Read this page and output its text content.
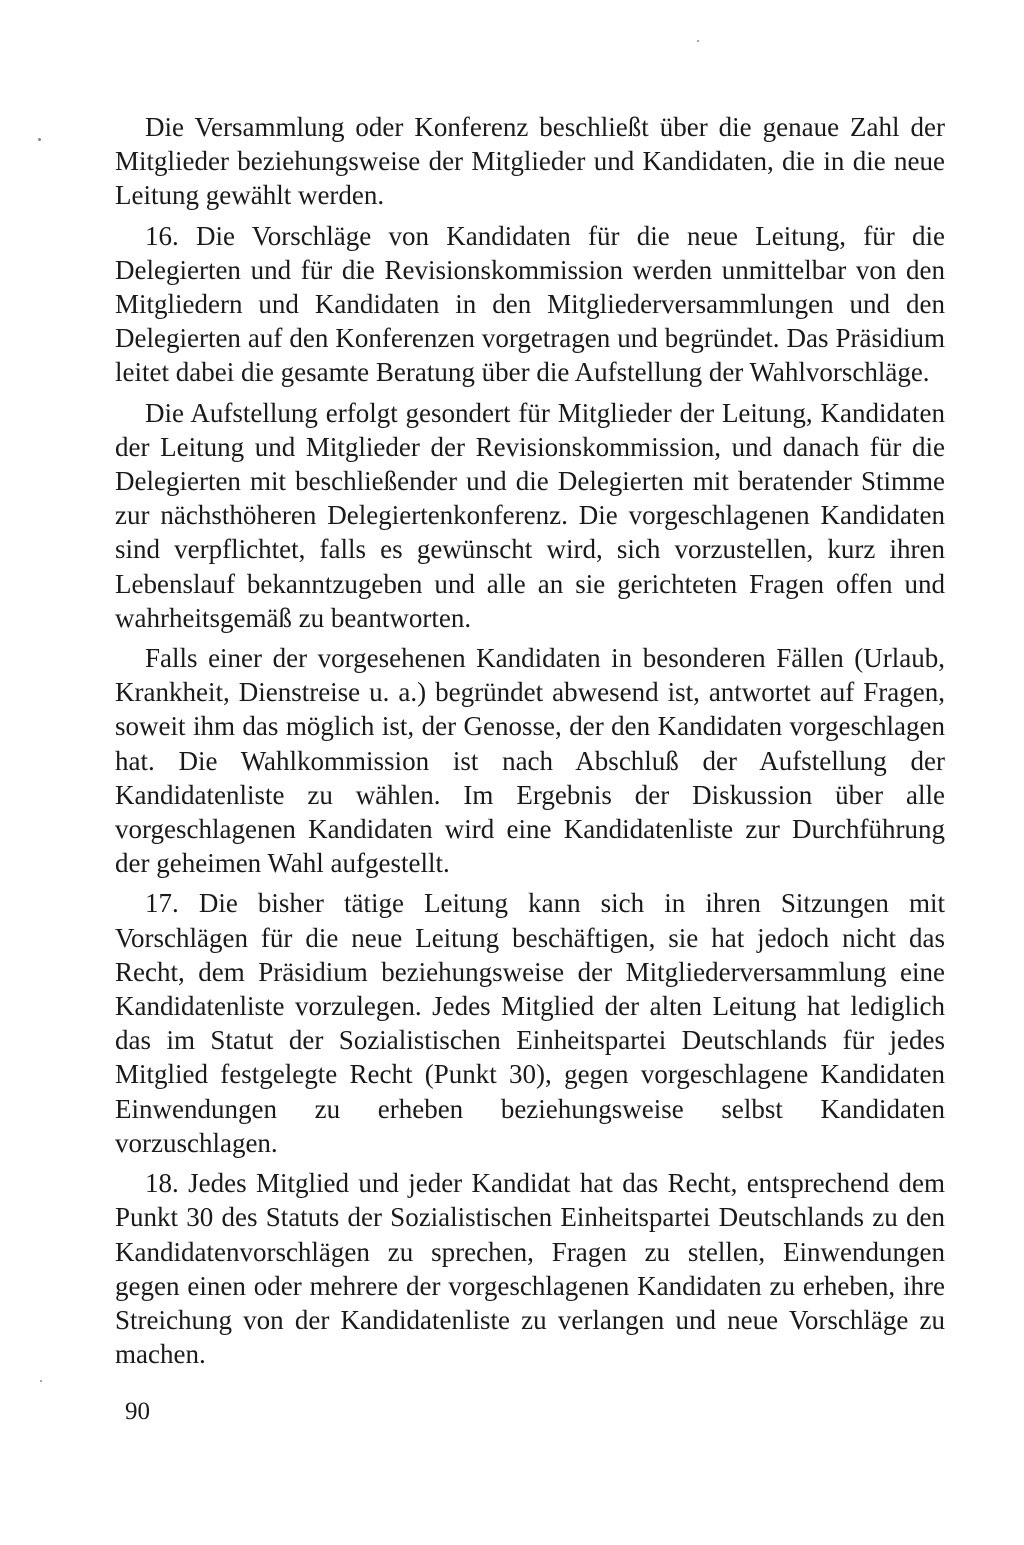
Die Versammlung oder Konferenz beschließt über die genaue Zahl der Mitglieder beziehungsweise der Mitglieder und Kandidaten, die in die neue Leitung gewählt werden.

16. Die Vorschläge von Kandidaten für die neue Leitung, für die Delegierten und für die Revisionskommission werden unmittelbar von den Mitgliedern und Kandidaten in den Mitgliederversammlungen und den Delegierten auf den Konferenzen vorgetragen und begründet. Das Präsidium leitet dabei die gesamte Beratung über die Aufstellung der Wahlvorschläge.

Die Aufstellung erfolgt gesondert für Mitglieder der Leitung, Kandidaten der Leitung und Mitglieder der Revisionskommission, und danach für die Delegierten mit beschließender und die Delegierten mit beratender Stimme zur nächsthöheren Delegiertenkonferenz. Die vorgeschlagenen Kandidaten sind verpflichtet, falls es gewünscht wird, sich vorzustellen, kurz ihren Lebenslauf bekanntzugeben und alle an sie gerichteten Fragen offen und wahrheitsgemäß zu beantworten.

Falls einer der vorgesehenen Kandidaten in besonderen Fällen (Urlaub, Krankheit, Dienstreise u. a.) begründet abwesend ist, antwortet auf Fragen, soweit ihm das möglich ist, der Genosse, der den Kandidaten vorgeschlagen hat. Die Wahlkommission ist nach Abschluß der Aufstellung der Kandidatenliste zu wählen. Im Ergebnis der Diskussion über alle vorgeschlagenen Kandidaten wird eine Kandidatenliste zur Durchführung der geheimen Wahl aufgestellt.

17. Die bisher tätige Leitung kann sich in ihren Sitzungen mit Vorschlägen für die neue Leitung beschäftigen, sie hat jedoch nicht das Recht, dem Präsidium beziehungsweise der Mitgliederversammlung eine Kandidatenliste vorzulegen. Jedes Mitglied der alten Leitung hat lediglich das im Statut der Sozialistischen Einheitspartei Deutschlands für jedes Mitglied festgelegte Recht (Punkt 30), gegen vorgeschlagene Kandidaten Einwendungen zu erheben beziehungsweise selbst Kandidaten vorzuschlagen.

18. Jedes Mitglied und jeder Kandidat hat das Recht, entsprechend dem Punkt 30 des Statuts der Sozialistischen Einheitspartei Deutschlands zu den Kandidatenvorschlägen zu sprechen, Fragen zu stellen, Einwendungen gegen einen oder mehrere der vorgeschlagenen Kandidaten zu erheben, ihre Streichung von der Kandidatenliste zu verlangen und neue Vorschläge zu machen.

90
